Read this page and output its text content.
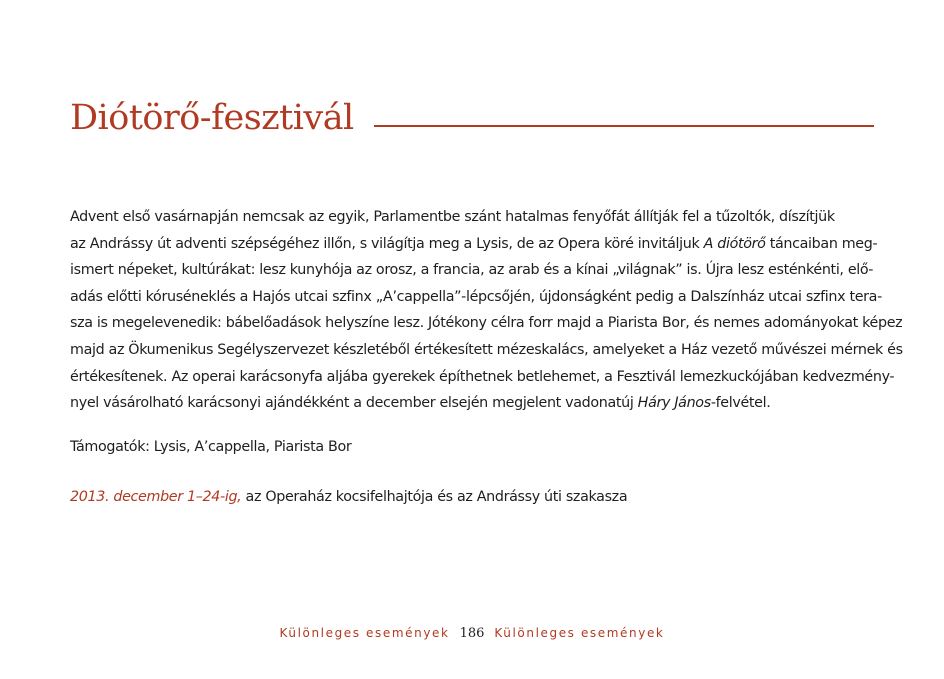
Diótörő-fesztivál
Advent első vasárnapján nemcsak az egyik, Parlamentbe szánt hatalmas fenyőfát állítják fel a tűzoltók, díszítjük
az Andrássy út adventi szépségéhez illőn, s világítja meg a Lysis, de az Opera köré invitáljuk A diótörő táncaiban meg-
ismert népeket, kultúrákat: lesz kunyhója az orosz, a francia, az arab és a kínai „világnak” is. Újra lesz esténkénti, elő-
adás előtti kóruséneklés a Hajós utcai szfinx „A’cappella”-lépcsőjén, újdonságként pedig a Dalszínház utcai szfinx tera-
sza is megelevenedik: bábelőadások helyszíne lesz. Jótékony célra forr majd a Piarista Bor, és nemes adományokat képez
majd az Ökumenikus Segélyszervezet készletéből értékesített mézeskalács, amelyeket a Ház vezető művészei mérnek és
értékesítenek. Az operai karácsonyfa aljába gyerekek építhetnek betlehemet, a Fesztivál lemezkuckójában kedvezmény-
nyel vásárolható karácsonyi ajándékként a december elsején megjelent vadonatúj Háry János-felvétel.
Támogatók: Lysis, A’cappella, Piarista Bor
2013. december 1–24-ig, az Operaház kocsifelhajtója és az Andrássy úti szakasza
Különleges események 186 Különleges események
